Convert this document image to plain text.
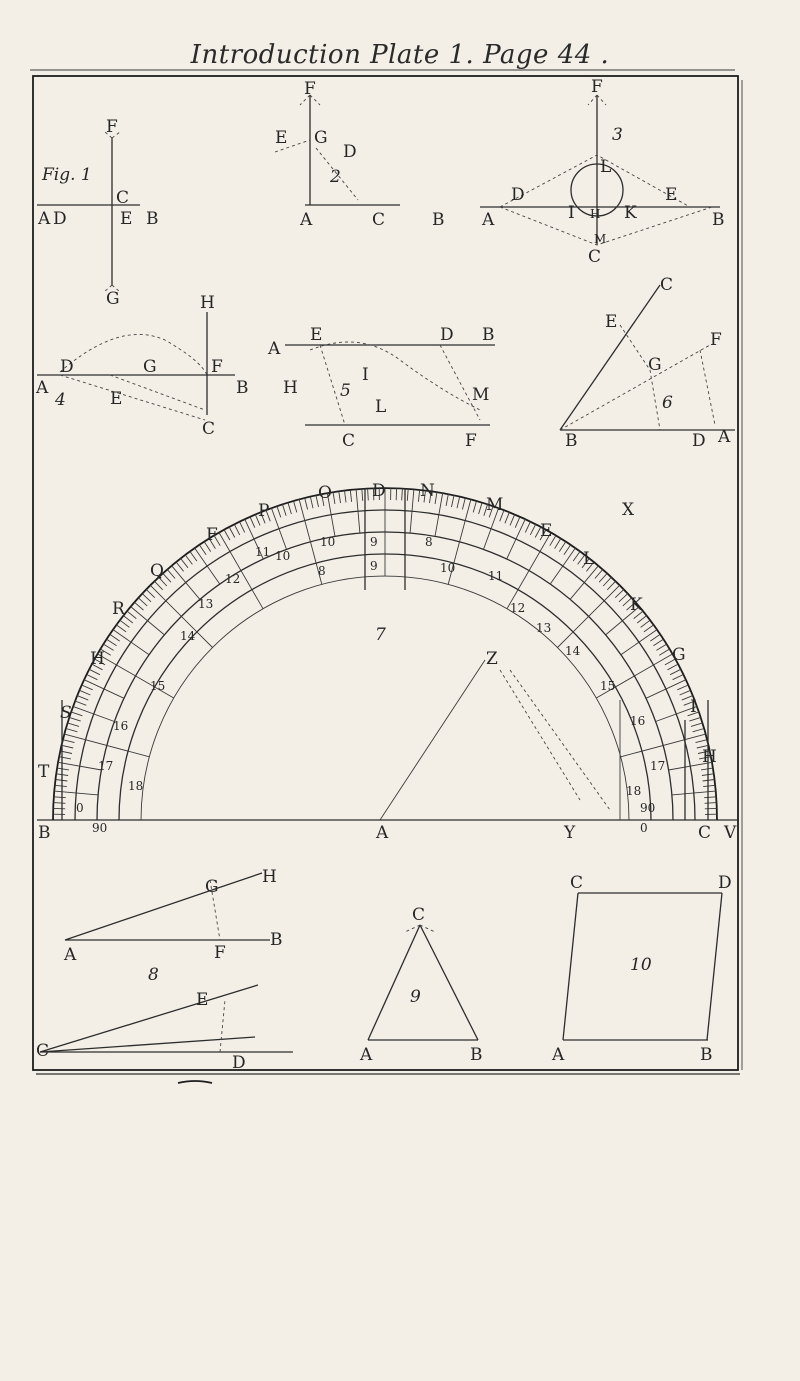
Introduction Plate 1. Page 44 .
F
Fig. 1
C
A D	E B
G
F
E G
D
2
A	C	B
F
3
L
D	E
A	I H K	B
M
C
H
D	G	F
A	B
4	E
C
E	D B
A
H
I
5	M
L
C	F
C
E
F
G
6
B	D A
O D N
P
F
Q
R
H
S
T
B
M
E
L
X
K
G
I
H
7
Z
A	Y	C V
10	9	8
10
9
8
10
11
11
12
12
13
13
14
14
15	15
16	16
17	17
18	18
90
90
0
0
H
G
A	F
B
8
E
C
D
C
9
A	B
C	D
10
A	B
